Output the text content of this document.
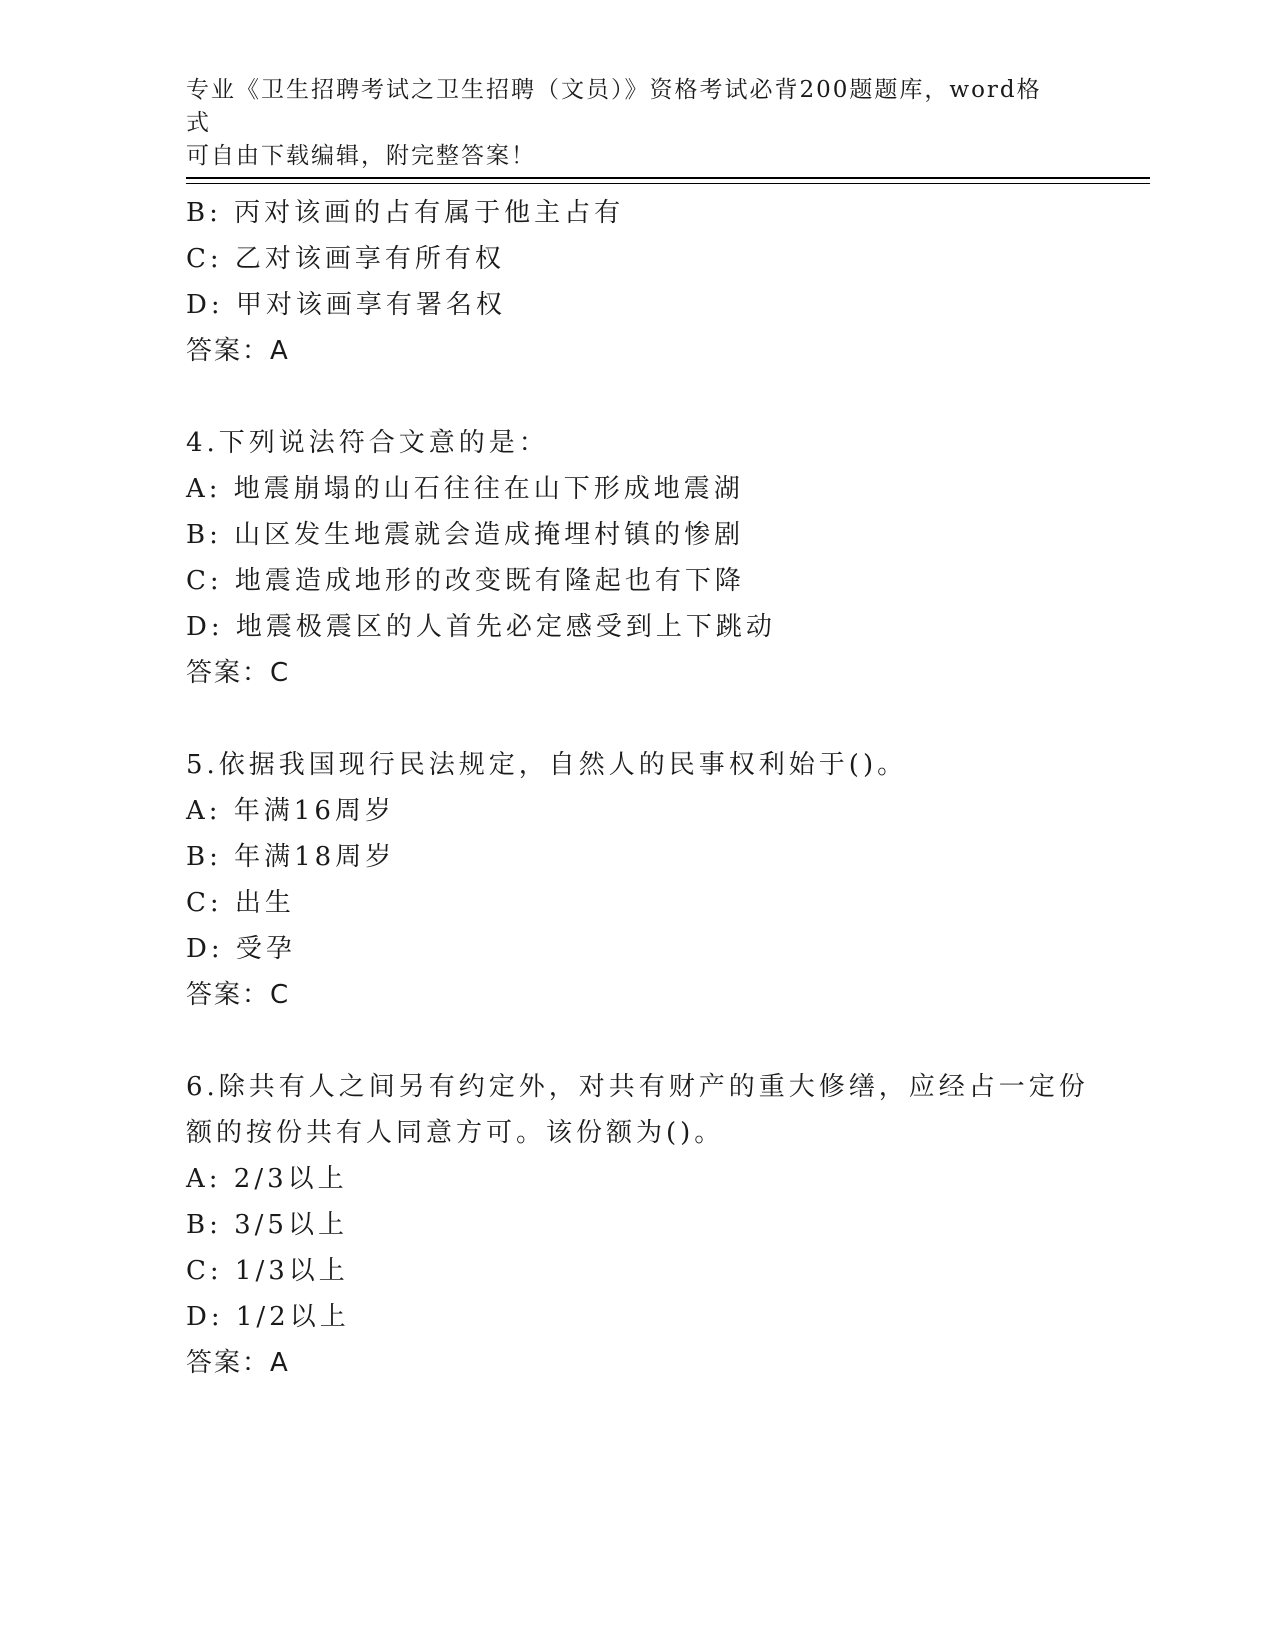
专业《卫生招聘考试之卫生招聘（文员）》资格考试必背200题题库，word格式
可自由下载编辑，附完整答案！
B: 丙对该画的占有属于他主占有
C: 乙对该画享有所有权
D: 甲对该画享有署名权
答案：A
4.下列说法符合文意的是：
A: 地震崩塌的山石往往在山下形成地震湖
B: 山区发生地震就会造成掩埋村镇的惨剧
C: 地震造成地形的改变既有隆起也有下降
D: 地震极震区的人首先必定感受到上下跳动
答案：C
5.依据我国现行民法规定，自然人的民事权利始于()。
A: 年满16周岁
B: 年满18周岁
C: 出生
D: 受孕
答案：C
6.除共有人之间另有约定外，对共有财产的重大修缮，应经占一定份
额的按份共有人同意方可。该份额为()。
A: 2/3以上
B: 3/5以上
C: 1/3以上
D: 1/2以上
答案：A
